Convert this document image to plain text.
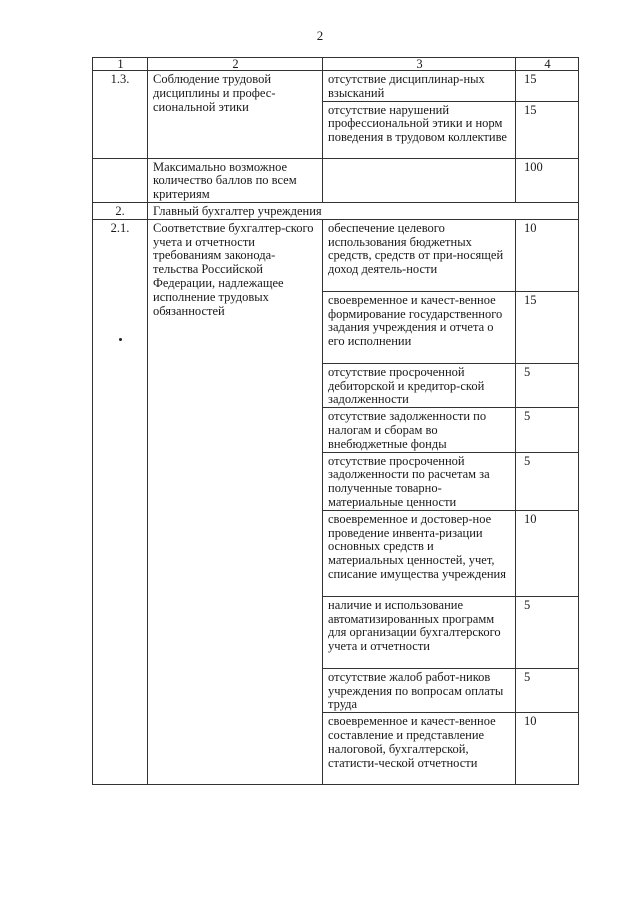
2
1	2	3	4
1.3.	Соблюдение трудовой дисциплины и профес-сиональной этики	отсутствие дисциплинар-ных взысканий	15
		отсутствие нарушений профессиональной этики и норм поведения в трудовом коллективе	15
	Максимально возможное количество баллов по всем критериям		100
2.	Главный бухгалтер учреждения		
2.1.	Соответствие бухгалтер-ского учета и отчетности требованиям законода-тельства Российской Федерации, надлежащее исполнение трудовых обязанностей	обеспечение целевого использования бюджетных средств, средств от при-носящей доход деятель-ности	10
		своевременное и качест-венное формирование государственного задания учреждения и отчета о его исполнении	15
		отсутствие просроченной дебиторской и кредитор-ской задолженности	5
		отсутствие задолженности по налогам и сборам во внебюджетные фонды	5
		отсутствие просроченной задолженности по расчетам за полученные товарно-материальные ценности	5
		своевременное и достовер-ное проведение инвента-ризации основных средств и материальных ценностей, учет, списание имущества учреждения	10
		наличие и использование автоматизированных программ для организации бухгалтерского учета и отчетности	5
		отсутствие жалоб работ-ников учреждения по вопросам оплаты труда	5
		своевременное и качест-венное составление и представление налоговой, бухгалтерской, статисти-ческой отчетности	10
